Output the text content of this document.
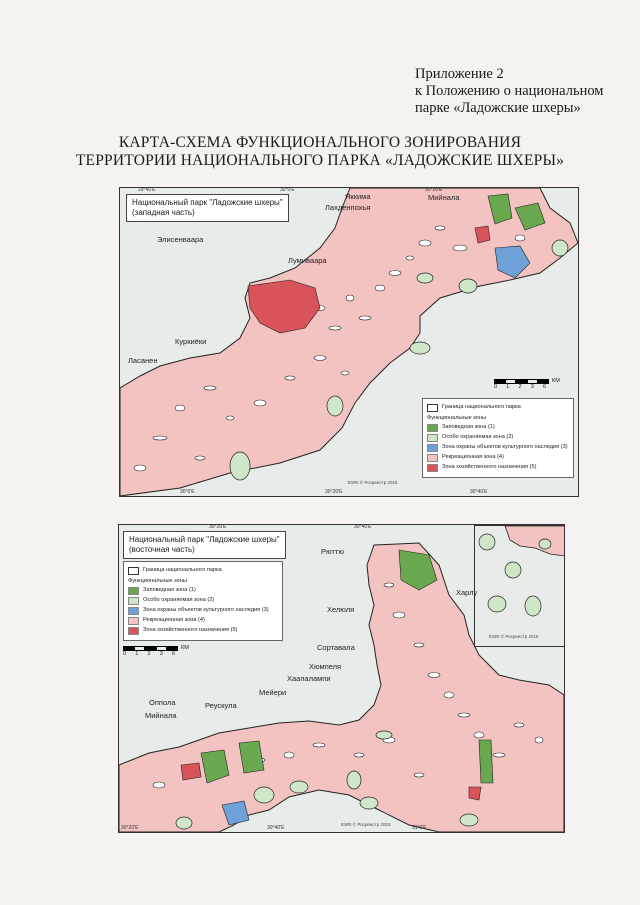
Приложение 2
к Положению о национальном
парке «Ладожские шхеры»
КАРТА-СХЕМА ФУНКЦИОНАЛЬНОГО ЗОНИРОВАНИЯ
ТЕРРИТОРИИ НАЦИОНАЛЬНОГО ПАРКА «ЛАДОЖСКИЕ ШХЕРЫ»
29°40'E	30°0'E	30°20'E
30°0'E	30°20'E	30°40'E
Национальный парк "Ладожские шхеры"
(западная часть)
Яккима
Лахденпохья
Мийнала
Элисенваара
Лумиваара
Куркиёки
Ласанен
КМ
0 1 2 3 6
Граница национального парка
Функциональные зоны
Заповедная зона (1)
Особо охраняемая зона (2)
Зона охраны объектов культурного наследия (3)
Рекреационная зона (4)
Зона хозяйственного назначения (5)
ESRI © Росреестр 2015
30°20'E	30°40'E
30°20'E	30°40'E	31°0'E
Национальный парк "Ладожские шхеры"
(восточная часть)
Граница национального парка
Функциональные зоны
Заповедная зона (1)
Особо охраняемая зона (2)
Зона охраны объектов культурного наследия (3)
Рекреационная зона (4)
Зона хозяйственного назначения (5)
КМ
0 1 2 3 6
ESRI © Росреестр 2015
Рюттю
Харлу
Хелюля
Сортавала
Хюмпеля
Хаапалампи
Мейери
Оппола	Реускула
Мийнала
ESRI © Росреестр 2015
